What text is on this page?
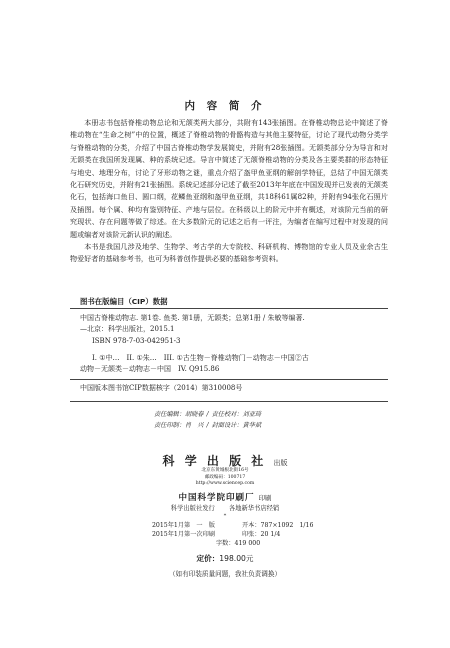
内 容 简 介

本册志书包括脊椎动物总论和无颌类两大部分，共附有143张插图。在脊椎动物总论中简述了脊椎动物在“生命之树”中的位置，概述了脊椎动物的骨骼构造与其他主要特征，讨论了现代动物分类学与脊椎动物的分类，介绍了中国古脊椎动物学发展简史，并附有28张插图。无颌类部分分为导言和对无颌类在我国所发现属、种的系统记述。导言中简述了无颌脊椎动物的分类及各主要类群的形态特征与地史、地理分布，讨论了牙形动物之谜，重点介绍了盔甲鱼亚纲的解剖学特征，总结了中国无颌类化石研究历史，并附有21张插图。系统记述部分记述了截至2013年年底在中国发现并已发表的无颌类化石，包括海口鱼目、圆口纲，花鳞鱼亚纲和盔甲鱼亚纲，共18科61属82种，并附有94张化石照片及插图。每个属、种均有鉴别特征、产地与层位。在科级以上的阶元中并有概述，对该阶元当前的研究现状、存在问题等做了综述。在大多数阶元的记述之后有一评注，为编者在编写过程中对发现的问题或编者对该阶元新认识的阐述。

本书是我国几涉及地学、生物学、考古学的大专院校、科研机构、博物馆的专业人员及业余古生物爱好者的基础参考书，也可为科普创作提供必要的基础参考资料。

图书在版编目（CIP）数据
中国古脊椎动物志. 第1卷. 鱼类. 第1册，无颌类；总第1册 / 朱敏等编著.
—北京：科学出版社，2015.1
ISBN 978-7-03-042951-3
I. ①中…　II. ①朱…　III. ①古生物－脊椎动物门－动物志－中国②古
动物－无颌类－动物志－中国　IV. Q915.86
中国版本图书馆CIP数据核字（2014）第310008号
责任编辑：胡晓春 / 责任校对：刘亚琦
责任印制：肖　兴 / 封面设计：黄华斌
科 学 出 版 社 出版
北京东黄城根北街16号
邮政编码：100717
http://www.sciencep.com
中国科学院印刷厂 印刷
科学出版社发行 各地新华书店经销
*
2015年1月第　一　版	开本：787×1092　1/16
2015年1月第一次印刷	印张：20 1/4
字数：419 000
定价：198.00元
（如有印装质量问题，我社负责调换）
